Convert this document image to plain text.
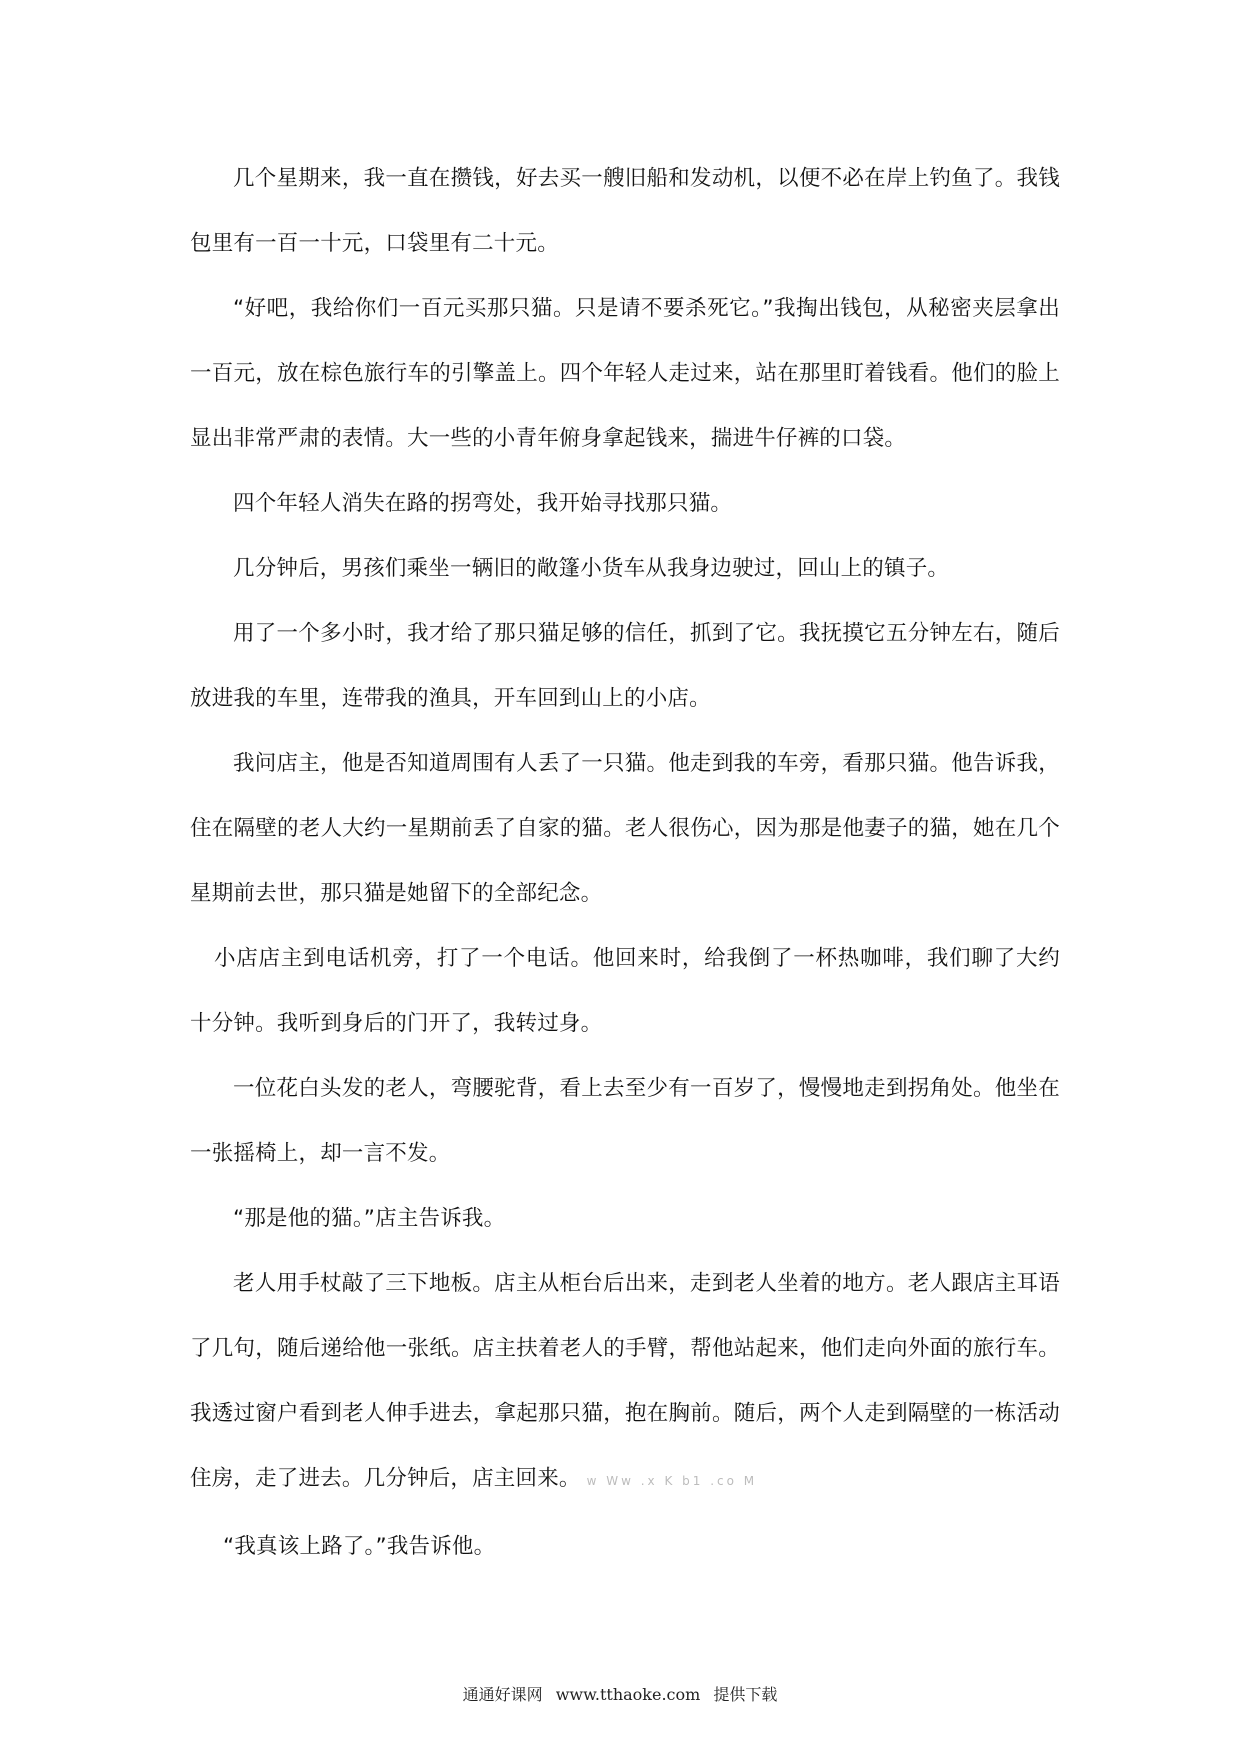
几个星期来，我一直在攒钱，好去买一艘旧船和发动机，以便不必在岸上钓鱼了。我钱包里有一百一十元，口袋里有二十元。

“好吧，我给你们一百元买那只猫。只是请不要杀死它。”我掏出钱包，从秘密夹层拿出一百元，放在棕色旅行车的引擎盖上。四个年轻人走过来，站在那里盯着钱看。他们的脸上显出非常严肃的表情。大一些的小青年俯身拿起钱来，揣进牛仔裤的口袋。

四个年轻人消失在路的拐弯处，我开始寻找那只猫。

几分钟后，男孩们乘坐一辆旧的敞篷小货车从我身边驶过，回山上的镇子。

用了一个多小时，我才给了那只猫足够的信任，抓到了它。我抚摸它五分钟左右，随后放进我的车里，连带我的渔具，开车回到山上的小店。

我问店主，他是否知道周围有人丢了一只猫。他走到我的车旁，看那只猫。他告诉我，住在隔壁的老人大约一星期前丢了自家的猫。老人很伤心，因为那是他妻子的猫，她在几个星期前去世，那只猫是她留下的全部纪念。

小店店主到电话机旁，打了一个电话。他回来时，给我倒了一杯热咖啡，我们聊了大约十分钟。我听到身后的门开了，我转过身。

一位花白头发的老人，弯腰驼背，看上去至少有一百岁了，慢慢地走到拐角处。他坐在一张摇椅上，却一言不发。

“那是他的猫。”店主告诉我。

老人用手杖敲了三下地板。店主从柜台后出来，走到老人坐着的地方。老人跟店主耳语了几句，随后递给他一张纸。店主扶着老人的手臂，帮他站起来，他们走向外面的旅行车。我透过窗户看到老人伸手进去，拿起那只猫，抱在胸前。随后，两个人走到隔壁的一栋活动住房，走了进去。几分钟后，店主回来。 w Ww .x K b1 .co M

“我真该上路了。”我告诉他。

通通好课网 www.tthaoke.com 提供下载
